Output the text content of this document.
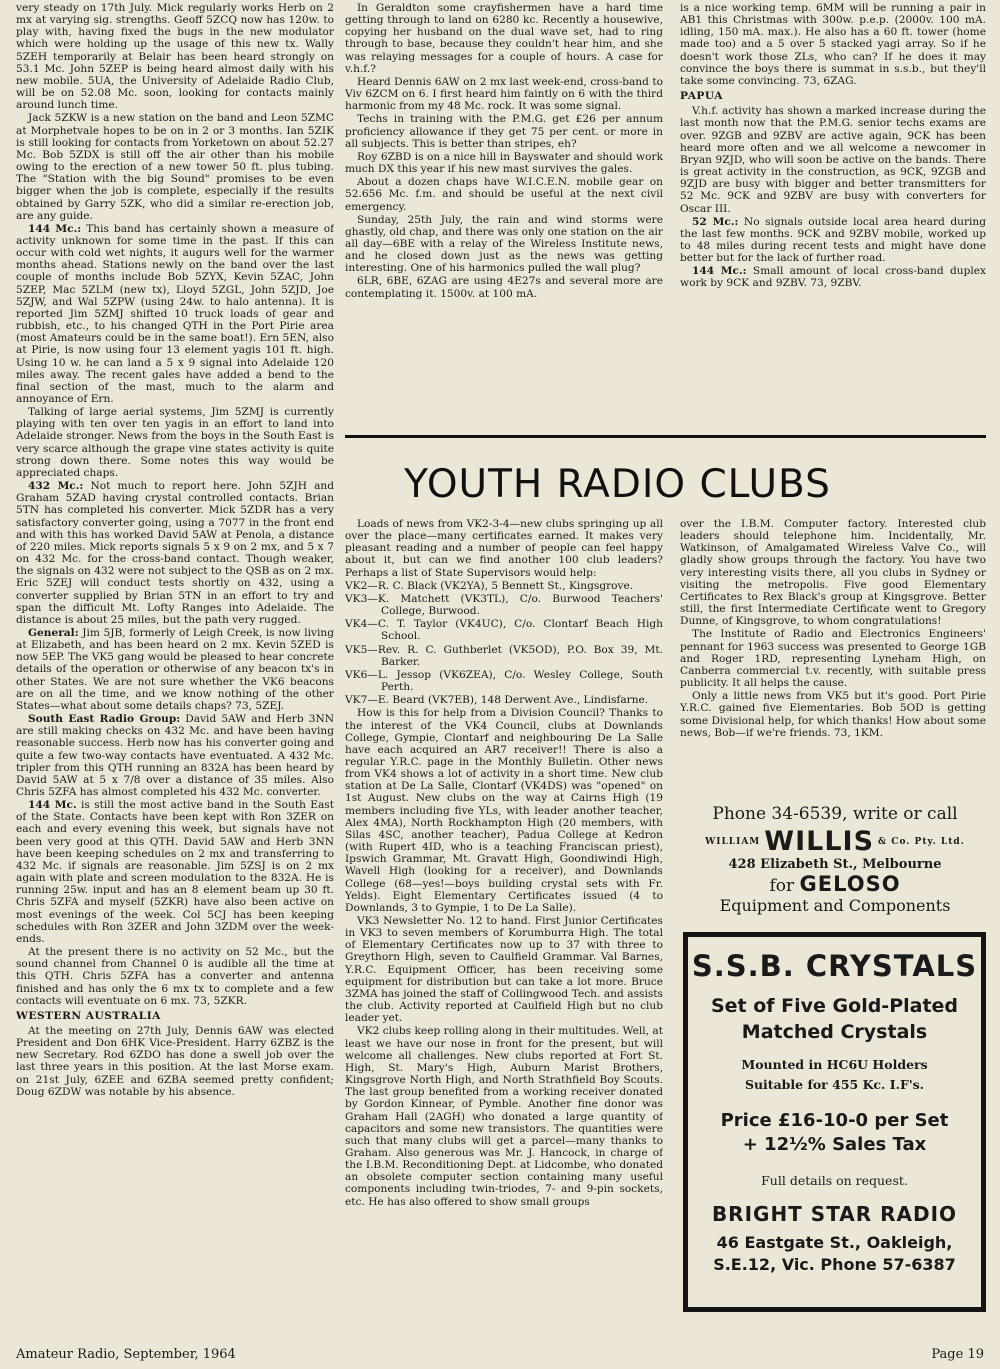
very steady on 17th July. Mick regularly works Herb on 2 mx at varying sig. strengths. Geoff 5ZCQ now has 120w. to play with, having fixed the bugs in the new modulator which were holding up the usage of this new tx. Wally 5ZEH temporarily at Belair has been heard strongly on 53.1 Mc. John 5ZEP is being heard almost daily with his new mobile. 5UA, the University of Adelaide Radio Club, will be on 52.08 Mc. soon, looking for contacts mainly around lunch time.

Jack 5ZKW is a new station on the band and Leon 5ZMC at Morphetvale hopes to be on in 2 or 3 months. Ian 5ZIK is still looking for contacts from Yorketown on about 52.27 Mc. Bob 5ZDX is still off the air other than his mobile owing to the erection of a new tower 50 ft. plus tubing. The "Station with the big Sound" promises to be even bigger when the job is complete, especially if the results obtained by Garry 5ZK, who did a similar re-erection job, are any guide.

144 Mc.: This band has certainly shown a measure of activity unknown for some time in the past. If this can occur with cold wet nights, it augurs well for the warmer months ahead. Stations newly on the band over the last couple of months include Bob 5ZYX, Kevin 5ZAC, John 5ZEP, Mac 5ZLM (new tx), Lloyd 5ZGL, John 5ZJD, Joe 5ZJW, and Wal 5ZPW (using 24w. to halo antenna). It is reported Jim 5ZMJ shifted 10 truck loads of gear and rubbish, etc., to his changed QTH in the Port Pirie area (most Amateurs could be in the same boat!). Ern 5EN, also at Pirie, is now using four 13 element yagis 101 ft. high. Using 10 w. he can land a 5 x 9 signal into Adelaide 120 miles away. The recent gales have added a bend to the final section of the mast, much to the alarm and annoyance of Ern.

Talking of large aerial systems, Jim 5ZMJ is currently playing with ten over ten yagis in an effort to land into Adelaide stronger. News from the boys in the South East is very scarce although the grape vine states activity is quite strong down there. Some notes this way would be appreciated chaps.

432 Mc.: Not much to report here. John 5ZJH and Graham 5ZAD having crystal controlled contacts. Brian 5TN has completed his converter. Mick 5ZDR has a very satisfactory converter going, using a 7077 in the front end and with this has worked David 5AW at Penola, a distance of 220 miles. Mick reports signals 5 x 9 on 2 mx, and 5 x 7 on 432 Mc. for the cross-band contact. Though weaker, the signals on 432 were not subject to the QSB as on 2 mx. Eric 5ZEJ will conduct tests shortly on 432, using a converter supplied by Brian 5TN in an effort to try and span the difficult Mt. Lofty Ranges into Adelaide. The distance is about 25 miles, but the path very rugged.

General: Jim 5JB, formerly of Leigh Creek, is now living at Elizabeth, and has been heard on 2 mx. Kevin 5ZED is now 5EP. The VK5 gang would be pleased to hear concrete details of the operation or otherwise of any beacon tx's in other States. We are not sure whether the VK6 beacons are on all the time, and we know nothing of the other States—what about some details chaps? 73, 5ZEJ.

South East Radio Group: David 5AW and Herb 3NN are still making checks on 432 Mc. and have been having reasonable success. Herb now has his converter going and quite a few two-way contacts have eventuated. A 432 Mc. tripler from this QTH running an 832A has been heard by David 5AW at 5 x 7/8 over a distance of 35 miles. Also Chris 5ZFA has almost completed his 432 Mc. converter.

144 Mc. is still the most active band in the South East of the State. Contacts have been kept with Ron 3ZER on each and every evening this week, but signals have not been very good at this QTH. David 5AW and Herb 3NN have been keeping schedules on 2 mx and transferring to 432 Mc. if signals are reasonable. Jim 5ZSJ is on 2 mx again with plate and screen modulation to the 832A. He is running 25w. input and has an 8 element beam up 30 ft. Chris 5ZFA and myself (5ZKR) have also been active on most evenings of the week. Col 5CJ has been keeping schedules with Ron 3ZER and John 3ZDM over the week-ends.

At the present there is no activity on 52 Mc., but the sound channel from Channel 0 is audible all the time at this QTH. Chris 5ZFA has a converter and antenna finished and has only the 6 mx tx to complete and a few contacts will eventuate on 6 mx. 73, 5ZKR.

WESTERN AUSTRALIA

At the meeting on 27th July, Dennis 6AW was elected President and Don 6HK Vice-President. Harry 6ZBZ is the new Secretary. Rod 6ZDO has done a swell job over the last three years in this position. At the last Morse exam. on 21st July, 6ZEE and 6ZBA seemed pretty confident; Doug 6ZDW was notable by his absence.

In Geraldton some crayfishermen have a hard time getting through to land on 6280 kc. Recently a housewive, copying her husband on the dual wave set, had to ring through to base, because they couldn't hear him, and she was relaying messages for a couple of hours. A case for v.h.f.?

Heard Dennis 6AW on 2 mx last week-end, cross-band to Viv 6ZCM on 6. I first heard him faintly on 6 with the third harmonic from my 48 Mc. rock. It was some signal.

Techs in training with the P.M.G. get £26 per annum proficiency allowance if they get 75 per cent. or more in all subjects. This is better than stripes, eh?

Roy 6ZBD is on a nice hill in Bayswater and should work much DX this year if his new mast survives the gales.

About a dozen chaps have W.I.C.E.N. mobile gear on 52.656 Mc. f.m. and should be useful at the next civil emergency.

Sunday, 25th July, the rain and wind storms were ghastly, old chap, and there was only one station on the air all day—6BE with a relay of the Wireless Institute news, and he closed down just as the news was getting interesting. One of his harmonics pulled the wall plug?

6LR, 6BE, 6ZAG are using 4E27s and several more are contemplating it. 1500v. at 100 mA.

is a nice working temp. 6MM will be running a pair in AB1 this Christmas with 300w. p.e.p. (2000v. 100 mA. idling, 150 mA. max.). He also has a 60 ft. tower (home made too) and a 5 over 5 stacked yagi array. So if he doesn't work those ZLs, who can? If he does it may convince the boys there is summat in s.s.b., but they'll take some convincing. 73, 6ZAG.

PAPUA

V.h.f. activity has shown a marked increase during the last month now that the P.M.G. senior techs exams are over. 9ZGB and 9ZBV are active again, 9CK has been heard more often and we all welcome a newcomer in Bryan 9ZJD, who will soon be active on the bands. There is great activity in the construction, as 9CK, 9ZGB and 9ZJD are busy with bigger and better transmitters for 52 Mc. 9CK and 9ZBV are busy with converters for Oscar III.

52 Mc.: No signals outside local area heard during the last few months. 9CK and 9ZBV mobile, worked up to 48 miles during recent tests and might have done better but for the lack of further road.

144 Mc.: Small amount of local cross-band duplex work by 9CK and 9ZBV. 73, 9ZBV.

YOUTH RADIO CLUBS

Loads of news from VK2-3-4—new clubs springing up all over the place—many certificates earned. It makes very pleasant reading and a number of people can feel happy about it, but can we find another 100 club leaders? Perhaps a list of State Supervisors would help:

VK2—R. C. Black (VK2YA), 5 Bennett St., Kingsgrove.

VK3—K. Matchett (VK3TL), C/o. Burwood Teachers' College, Burwood.

VK4—C. T. Taylor (VK4UC), C/o. Clontarf Beach High School.

VK5—Rev. R. C. Guthberlet (VK5OD), P.O. Box 39, Mt. Barker.

VK6—L. Jessop (VK6ZEA), C/o. Wesley College, South Perth.

VK7—E. Beard (VK7EB), 148 Derwent Ave., Lindisfarne.

How is this for help from a Division Council? Thanks to the interest of the VK4 Council, clubs at Downlands College, Gympie, Clontarf and neighbouring De La Salle have each acquired an AR7 receiver!! There is also a regular Y.R.C. page in the Monthly Bulletin. Other news from VK4 shows a lot of activity in a short time. New club station at De La Salle, Clontarf (VK4DS) was "opened" on 1st August. New clubs on the way at Cairns High (19 members including five YLs, with leader another teacher, Alex 4MA), North Rockhampton High (20 members, with Silas 4SC, another teacher), Padua College at Kedron (with Rupert 4ID, who is a teaching Franciscan priest), Ipswich Grammar, Mt. Gravatt High, Goondiwindi High, Wavell High (looking for a receiver), and Downlands College (68—yes!—boys building crystal sets with Fr. Yelds). Eight Elementary Certificates issued (4 to Downlands, 3 to Gympie, 1 to De La Salle).

VK3 Newsletter No. 12 to hand. First Junior Certificates in VK3 to seven members of Korumburra High. The total of Elementary Certificates now up to 37 with three to Greythorn High, seven to Caulfield Grammar. Val Barnes, Y.R.C. Equipment Officer, has been receiving some equipment for distribution but can take a lot more. Bruce 3ZMA has joined the staff of Collingwood Tech. and assists the club. Activity reported at Caulfield High but no club leader yet.

VK2 clubs keep rolling along in their multitudes. Well, at least we have our nose in front for the present, but will welcome all challenges. New clubs reported at Fort St. High, St. Mary's High, Auburn Marist Brothers, Kingsgrove North High, and North Strathfield Boy Scouts. The last group benefited from a working receiver donated by Gordon Kinnear, of Pymble. Another fine donor was Graham Hall (2AGH) who donated a large quantity of capacitors and some new transistors. The quantities were such that many clubs will get a parcel—many thanks to Graham. Also generous was Mr. J. Hancock, in charge of the I.B.M. Reconditioning Dept. at Lidcombe, who donated an obsolete computer section containing many useful components including twin-triodes, 7- and 9-pin sockets, etc. He has also offered to show small groups

over the I.B.M. Computer factory. Interested club leaders should telephone him. Incidentally, Mr. Watkinson, of Amalgamated Wireless Valve Co., will gladly show groups through the factory. You have two very interesting visits there, all you clubs in Sydney or visiting the metropolis. Five good Elementary Certificates to Rex Black's group at Kingsgrove. Better still, the first Intermediate Certificate went to Gregory Dunne, of Kingsgrove, to whom congratulations!

The Institute of Radio and Electronics Engineers' pennant for 1963 success was presented to George 1GB and Roger 1RD, representing Lyneham High, on Canberra commercial t.v. recently, with suitable press publicity. It all helps the cause.

Only a little news from VK5 but it's good. Port Pirie Y.R.C. gained five Elementaries. Bob 5OD is getting some Divisional help, for which thanks! How about some news, Bob—if we're friends. 73, 1KM.

Phone 34-6539, write or call
WILLIAM WILLIS & Co. Pty. Ltd.
428 Elizabeth St., Melbourne
for GELOSO
Equipment and Components
S.S.B. CRYSTALS
Set of Five Gold-Plated
Matched Crystals
Mounted in HC6U Holders
Suitable for 455 Kc. I.F's.
Price £16-10-0 per Set
+ 12½% Sales Tax
Full details on request.
BRIGHT STAR RADIO
46 Eastgate St., Oakleigh,
S.E.12, Vic. Phone 57-6387
Amateur Radio, September, 1964	Page 19
